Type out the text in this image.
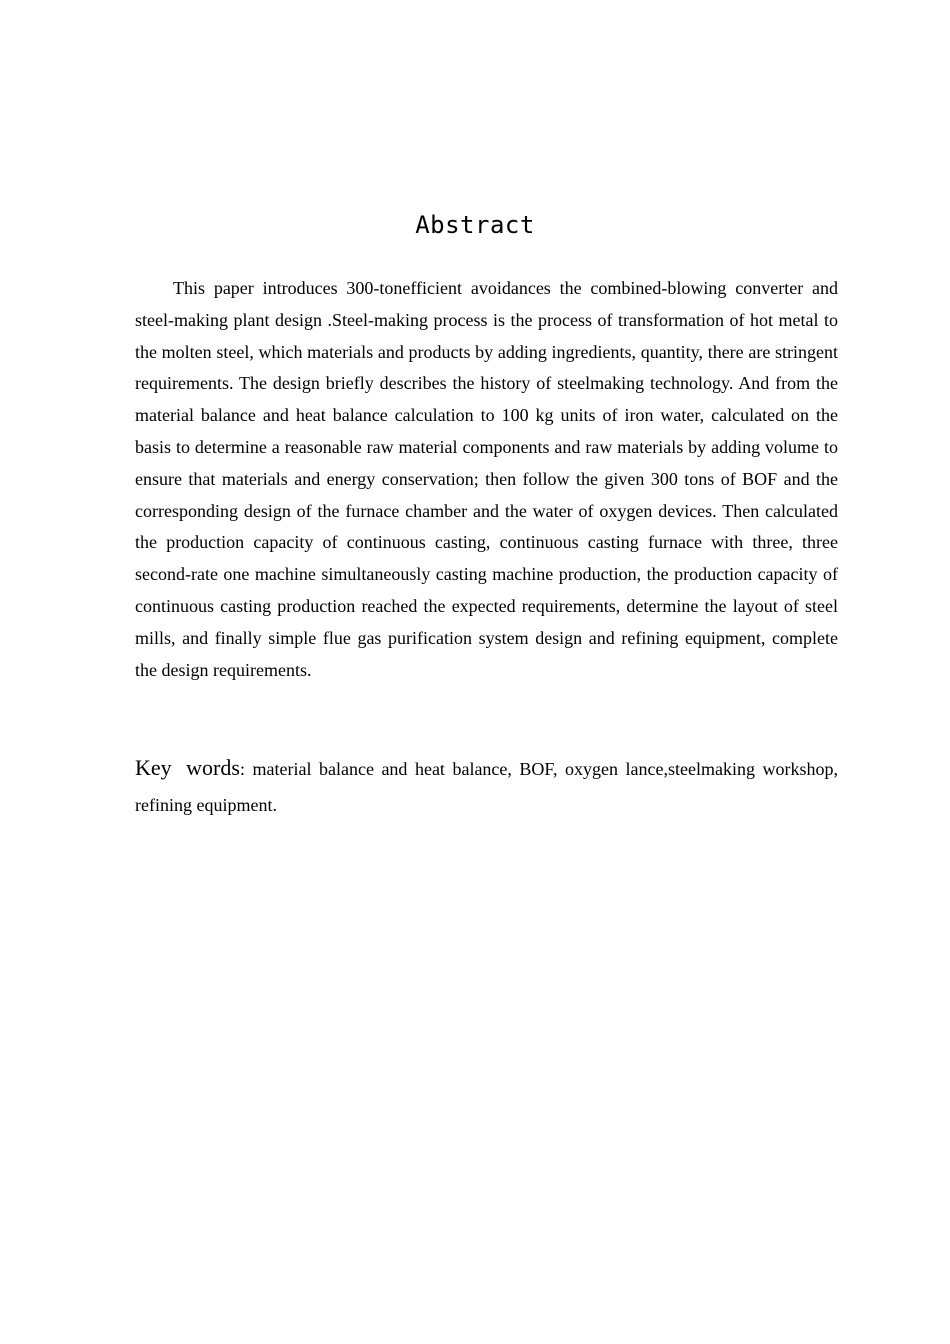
Abstract

This paper introduces 300-tonefficient avoidances the combined-blowing converter and steel-making plant design .Steel-making process is the process of transformation of hot metal to the molten steel, which materials and products by adding ingredients, quantity, there are stringent requirements. The design briefly describes the history of steelmaking technology. And from the material balance and heat balance calculation to 100 kg units of iron water, calculated on the basis to determine a reasonable raw material components and raw materials by adding volume to ensure that materials and energy conservation; then follow the given 300 tons of BOF and the corresponding design of the furnace chamber and the water of oxygen devices. Then calculated the production capacity of continuous casting, continuous casting furnace with three, three second-rate one machine simultaneously casting machine production, the production capacity of continuous casting production reached the expected requirements, determine the layout of steel mills, and finally simple flue gas purification system design and refining equipment, complete the design requirements.

Key words: material balance and heat balance, BOF, oxygen lance,steelmaking workshop, refining equipment.
